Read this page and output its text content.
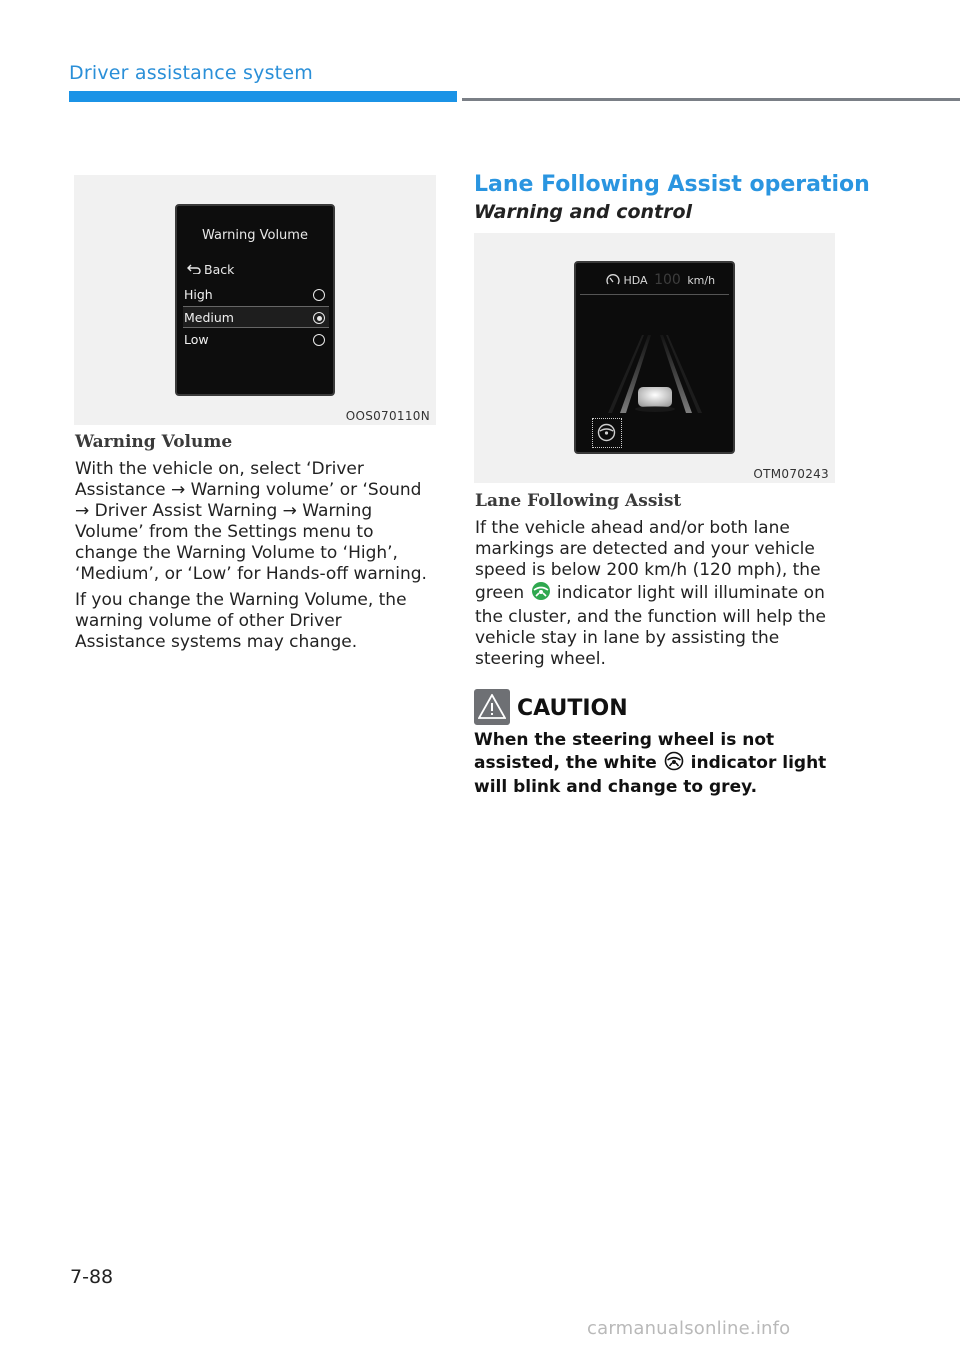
Driver assistance system
Warning Volume
Back
High
Medium
Low
OOS070110N
Warning Volume
With the vehicle on, select ‘Driver Assistance → Warning volume’ or ‘Sound → Driver Assist Warning → Warning Volume’ from the Settings menu to change the Warning Volume to ‘High’, ‘Medium’, or ‘Low’ for Hands-off warning.
If you change the Warning Volume, the warning volume of other Driver Assistance systems may change.
Lane Following Assist operation
Warning and control
HDA 100 km/h
OTM070243
Lane Following Assist
If the vehicle ahead and/or both lane markings are detected and your vehicle speed is below 200 km/h (120 mph), the green indicator light will illuminate on the cluster, and the function will help the vehicle stay in lane by assisting the steering wheel.
CAUTION
When the steering wheel is not assisted, the white indicator light will blink and change to grey.
7-88
carmanualsonline.info
